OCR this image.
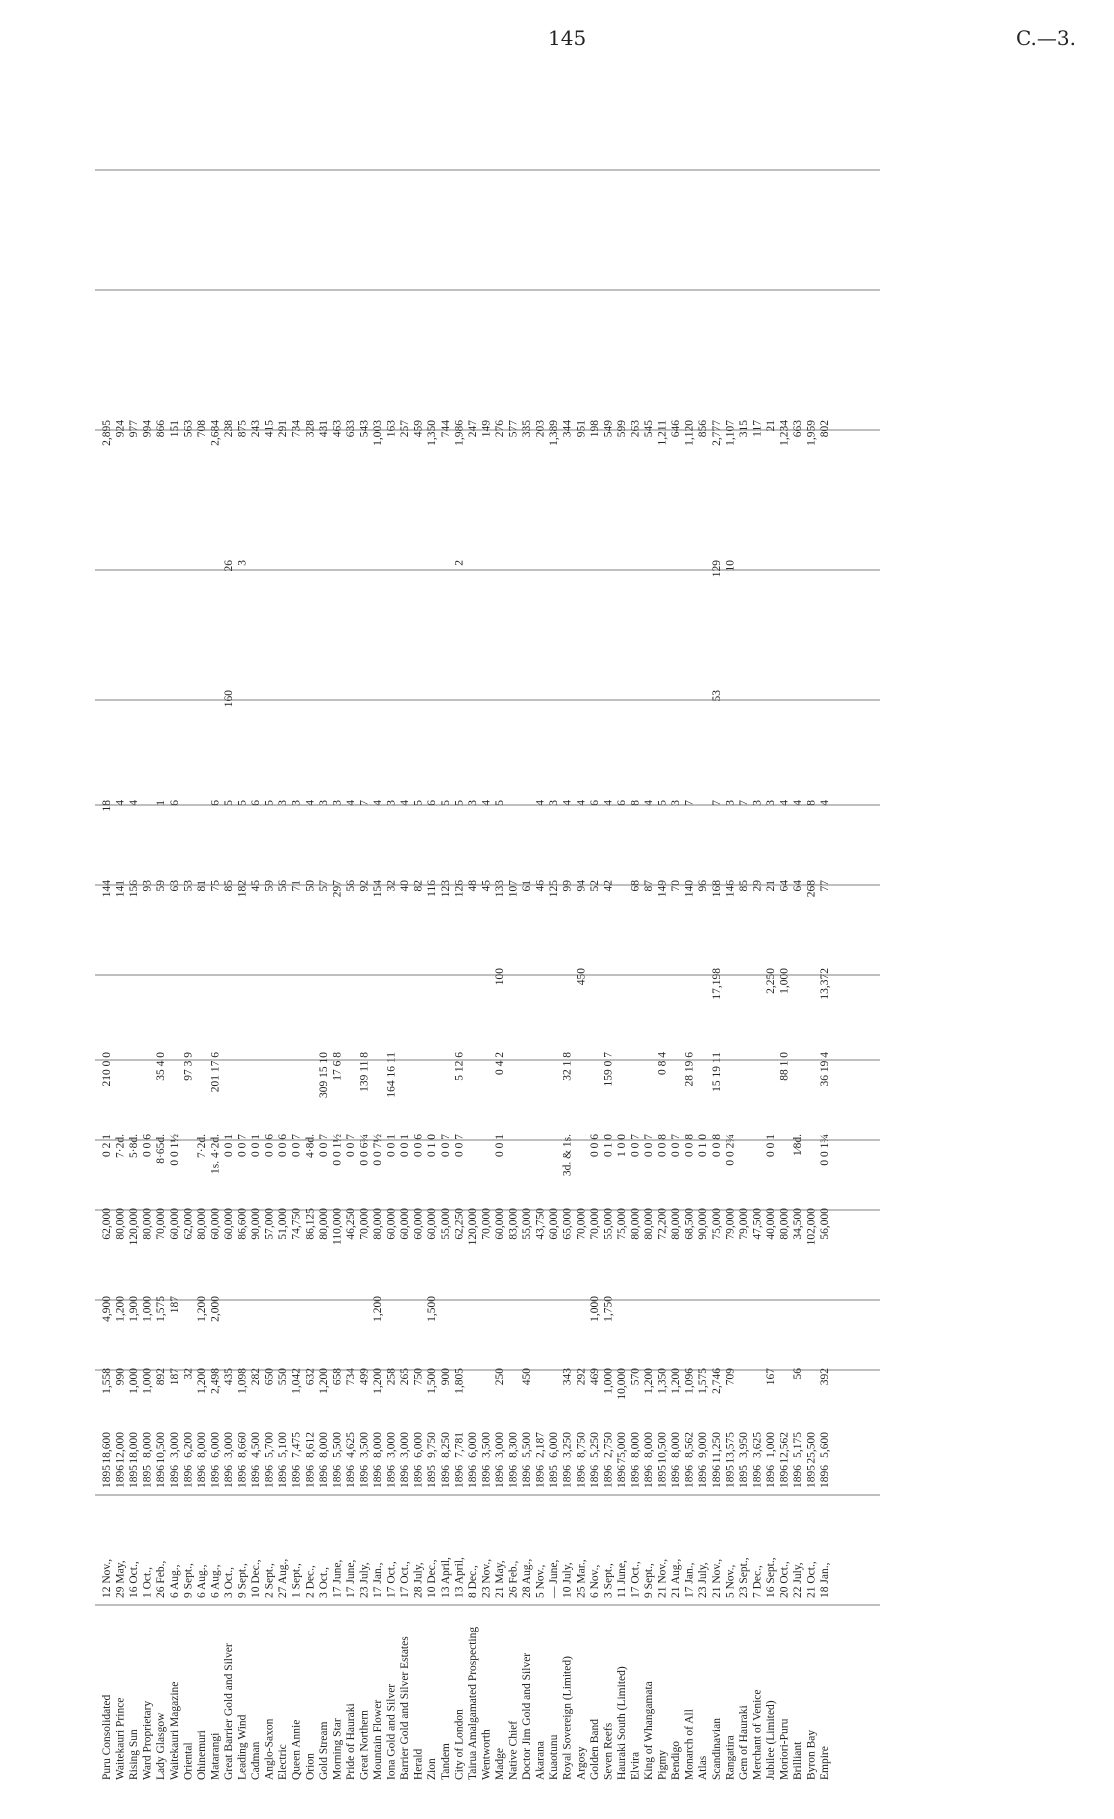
145	C.—3.
Puru Consolidated
12 Nov.,
1895
18,600
1,558
4,900
62,000
0 2 1
210 0 0
144
18
2,895
Waitekauri Prince
29 May,
1896
12,000
990
1,200
80,000
7·2d.
141
4
924
Rising Sun
16 Oct.,
1895
18,000
1,000
1,900
120,000
5·8d.
156
4
977
Ward Proprietary
1 Oct.,
1895
8,000
1,000
1,000
80,000
0 0 6
93
994
Lady Glasgow
26 Feb.,
1896
10,500
892
1,575
70,000
8·65d.
35 4 0
59
1
866
Waitekauri Magazine
6 Aug.,
1896
3,000
187
187
60,000
0 0 1½
63
6
151
Oriental
9 Sept.,
1896
6,200
32
62,000
97 3 9
53
563
Ohinemuri
6 Aug.,
1896
8,000
1,200
1,200
80,000
7·2d.
81
708
Matarangi
6 Aug.,
1896
6,000
2,498
2,000
60,000
1s. 4·2d.
201 17 6
75
6
2,684
Great Barrier Gold and Silver
3 Oct.,
1896
3,000
435
60,000
0 0 1
85
5
160
26
238
Leading Wind
9 Sept.,
1896
8,660
1,098
86,600
0 0 7
182
5
3
875
Cadman
10 Dec.,
1896
4,500
282
90,000
0 0 1
45
6
243
Anglo-Saxon
2 Sept.,
1896
5,700
650
57,000
0 0 6
59
5
415
Electric
27 Aug.,
1896
5,100
550
51,000
0 0 6
56
3
291
Queen Annie
1 Sept.,
1896
7,475
1,042
74,750
0 0 7
71
3
734
Orion
2 Dec.,
1896
8,612
632
86,125
4·8d.
50
4
328
Gold Stream
3 Oct.,
1896
8,000
1,200
80,000
0 0 7
309 15 10
57
3
431
Morning Star
17 June,
1896
5,500
658
110,000
0 0 1½
17 6 8
297
3
463
Pride of Hauraki
17 June,
1896
4,625
734
46,250
0 0 7
56
4
633
Great Northern
23 July,
1896
3,500
499
70,000
0 0 6¾
139 11 8
92
7
543
Mountain Flower
17 Jan.,
1896
8,000
1,200
1,200
80,000
0 0 7½
154
4
1,003
Iona Gold and Silver
17 Oct.,
1896
3,000
258
60,000
0 0 1
164 16 11
32
3
163
Barrier Gold and Silver Estates
17 Oct.,
1896
3,000
265
60,000
0 0 1
40
4
257
Herald
28 July,
1896
6,000
750
60,000
0 0 6
82
5
459
Zion
10 Dec.,
1895
9,750
1,500
1,500
60,000
0 1 0
116
6
1,350
Tandem
13 April,
1896
8,250
900
55,000
0 0 7
123
5
744
City of London
13 April,
1896
7,781
1,805
62,250
0 0 7
5 12 6
126
5
2
1,986
Tairua Amalgamated Prospecting
8 Dec.,
1896
6,000
120,000
48
3
247
Wentworth
23 Nov.,
1896
3,500
70,000
45
4
149
Madge
21 May,
1896
3,000
250
60,000
0 0 1
0 4 2
100
133
5
276
Native Chief
26 Feb.,
1896
8,300
83,000
107
577
Doctor Jim Gold and Silver
28 Aug.,
1896
5,500
450
55,000
61
335
Akarana
5 Nov.,
1896
2,187
43,750
46
4
203
Kuaotunu
— June,
1895
6,000
60,000
125
3
1,389
Royal Sovereign (Limited)
10 July,
1896
3,250
343
65,000
3d. & 1s.
32 1 8
99
4
344
Argosy
25 Mar.,
1896
8,750
292
70,000
450
94
4
951
Golden Band
6 Nov.,
1896
5,250
469
1,000
70,000
0 0 6
52
6
198
Seven Reefs
3 Sept.,
1896
2,750
1,000
1,750
55,000
0 1 0
159 0 7
42
4
549
Hauraki South (Limited)
11 June,
1896
75,000
10,000
75,000
1 0 0
6
599
Elvira
17 Oct.,
1896
8,000
570
80,000
0 0 7
68
8
263
King of Whangamata
9 Sept.,
1896
8,000
1,200
80,000
0 0 7
87
4
545
Pigmy
21 Nov.,
1895
10,500
1,350
72,200
0 0 8
0 8 4
149
5
1,211
Bendigo
21 Aug.,
1896
8,000
1,200
80,000
0 0 7
70
3
646
Monarch of All
17 Jan.,
1896
8,562
1,096
68,500
0 0 8
28 19 6
140
7
1,120
Atlas
23 July,
1896
9,000
1,575
90,000
0 1 0
96
856
Scandinavian
21 Nov.,
1896
11,250
2,746
75,000
0 0 8
15 19 11
17,198
168
7
53
129
2,777
Rangatira
5 Nov.,
1895
13,575
709
79,000
0 0 2¾
146
3
10
1,107
Gem of Hauraki
23 Sept.,
1895
3,950
79,000
85
7
315
Merchant of Venice
7 Dec.,
1896
3,625
47,500
29
3
117
Jubilee (Limited)
16 Sept.,
1896
1,000
167
40,000
0 0 1
2,250
21
3
21
Moriori-Puru
20 Oct.,
1896
12,562
80,000
88 1 0
1,000
64
4
1,234
Brilliant
22 July,
1896
5,175
56
34,500
1⁄8d.
64
4
663
Byron Bay
21 Oct.,
1895
25,500
102,000
268
8
1,959
Empire
18 Jan.,
1896
5,600
392
56,000
0 0 1¾
36 19 4
13,372
77
4
802
